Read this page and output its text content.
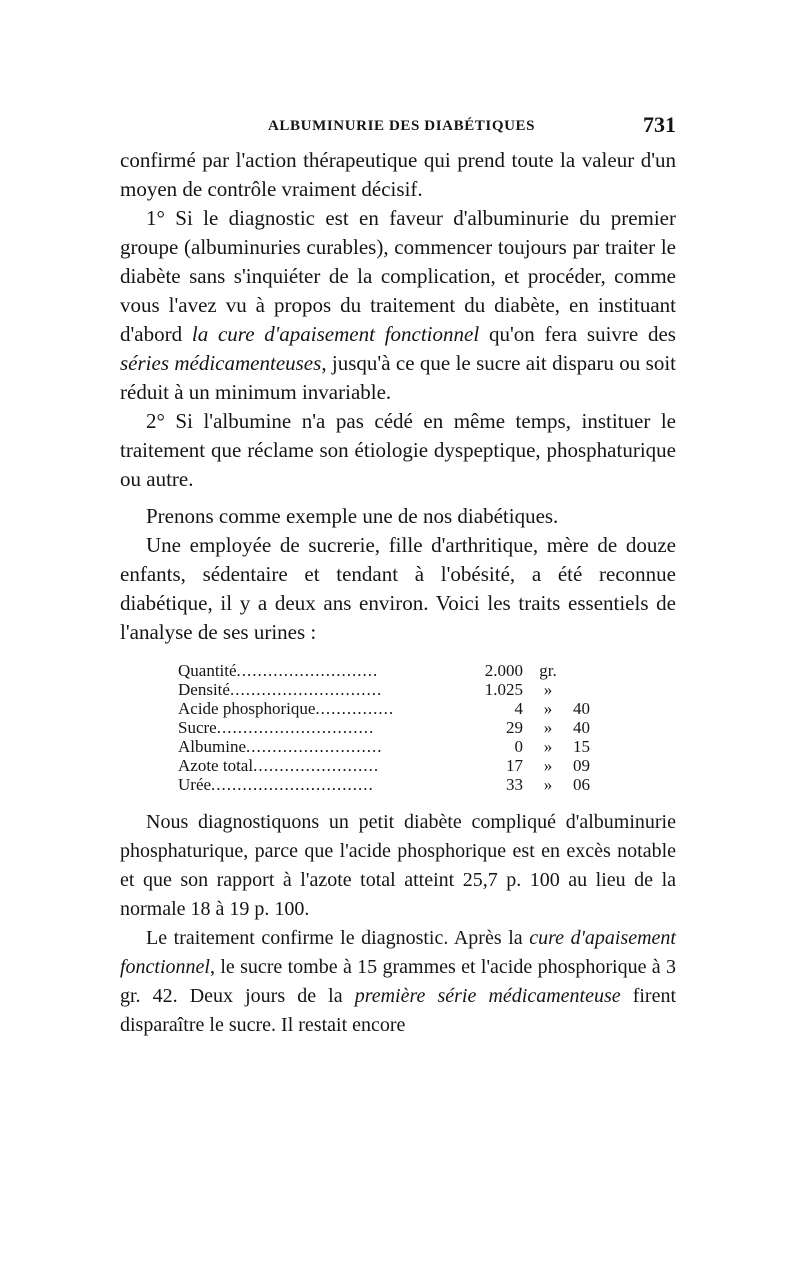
ALBUMINURIE DES DIABÉTIQUES	731

confirmé par l'action thérapeutique qui prend toute la valeur d'un moyen de contrôle vraiment décisif.

1° Si le diagnostic est en faveur d'albuminurie du premier groupe (albuminuries curables), commencer toujours par traiter le diabète sans s'inquiéter de la complication, et procéder, comme vous l'avez vu à propos du traitement du diabète, en instituant d'abord la cure d'apaisement fonctionnel qu'on fera suivre des séries médicamenteuses, jusqu'à ce que le sucre ait disparu ou soit réduit à un minimum invariable.

2° Si l'albumine n'a pas cédé en même temps, instituer le traitement que réclame son étiologie dyspeptique, phosphaturique ou autre.

Prenons comme exemple une de nos diabétiques.

Une employée de sucrerie, fille d'arthritique, mère de douze enfants, sédentaire et tendant à l'obésité, a été reconnue diabétique, il y a deux ans environ. Voici les traits essentiels de l'analyse de ses urines :

Quantité...........................	2.000	gr.	
Densité.............................	1.025	»	
Acide phosphorique...............	4	»	40
Sucre..............................	29	»	40
Albumine..........................	0	»	15
Azote total........................	17	»	09
Urée...............................	33	»	06

Nous diagnostiquons un petit diabète compliqué d'albuminurie phosphaturique, parce que l'acide phosphorique est en excès notable et que son rapport à l'azote total atteint 25,7 p. 100 au lieu de la normale 18 à 19 p. 100.

Le traitement confirme le diagnostic. Après la cure d'apaisement fonctionnel, le sucre tombe à 15 grammes et l'acide phosphorique à 3 gr. 42. Deux jours de la première série médicamenteuse firent disparaître le sucre. Il restait encore
